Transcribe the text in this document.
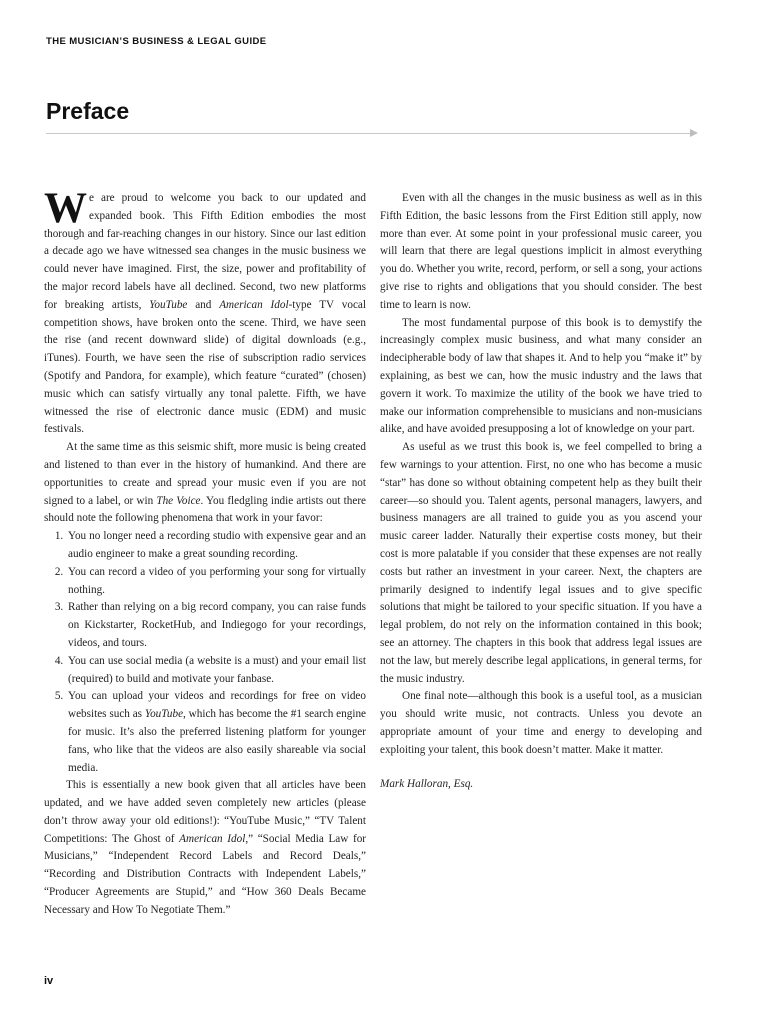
THE MUSICIAN’S BUSINESS & LEGAL GUIDE
Preface

We are proud to welcome you back to our updated and expanded book. This Fifth Edition embodies the most thorough and far-reaching changes in our history. Since our last edition a decade ago we have witnessed sea changes in the music business we could never have imagined. First, the size, power and profitability of the major record labels have all declined. Second, two new platforms for breaking artists, YouTube and American Idol-type TV vocal competition shows, have broken onto the scene. Third, we have seen the rise (and recent downward slide) of digital downloads (e.g., iTunes). Fourth, we have seen the rise of subscription radio services (Spotify and Pandora, for example), which feature “curated” (chosen) music which can satisfy virtually any tonal palette. Fifth, we have witnessed the rise of electronic dance music (EDM) and music festivals.

At the same time as this seismic shift, more music is being created and listened to than ever in the history of humankind. And there are opportunities to create and spread your music even if you are not signed to a label, or win The Voice. You fledgling indie artists out there should note the following phenomena that work in your favor:

1. You no longer need a recording studio with expensive gear and an audio engineer to make a great sounding recording.
2. You can record a video of you performing your song for virtually nothing.
3. Rather than relying on a big record company, you can raise funds on Kickstarter, RocketHub, and Indiegogo for your recordings, videos, and tours.
4. You can use social media (a website is a must) and your email list (required) to build and motivate your fanbase.
5. You can upload your videos and recordings for free on video websites such as YouTube, which has become the #1 search engine for music. It’s also the preferred listening platform for younger fans, who like that the videos are also easily shareable via social media.

This is essentially a new book given that all articles have been updated, and we have added seven completely new articles (please don’t throw away your old editions!): “YouTube Music,” “TV Talent Competitions: The Ghost of American Idol,” “Social Media Law for Musicians,” “Independent Record Labels and Record Deals,” “Recording and Distribution Contracts with Independent Labels,” “Producer Agreements are Stupid,” and “How 360 Deals Became Necessary and How To Negotiate Them.”

Even with all the changes in the music business as well as in this Fifth Edition, the basic lessons from the First Edition still apply, now more than ever. At some point in your professional music career, you will learn that there are legal questions implicit in almost everything you do. Whether you write, record, perform, or sell a song, your actions give rise to rights and obligations that you should consider. The best time to learn is now.

The most fundamental purpose of this book is to demystify the increasingly complex music business, and what many consider an indecipherable body of law that shapes it. And to help you “make it” by explaining, as best we can, how the music industry and the laws that govern it work. To maximize the utility of the book we have tried to make our information comprehensible to musicians and non-musicians alike, and have avoided presupposing a lot of knowledge on your part.

As useful as we trust this book is, we feel compelled to bring a few warnings to your attention. First, no one who has become a music “star” has done so without obtaining competent help as they built their career—so should you. Talent agents, personal managers, lawyers, and business managers are all trained to guide you as you ascend your music career ladder. Naturally their expertise costs money, but their cost is more palatable if you consider that these expenses are not really costs but rather an investment in your career. Next, the chapters are primarily designed to indentify legal issues and to give specific solutions that might be tailored to your specific situation. If you have a legal problem, do not rely on the information contained in this book; see an attorney. The chapters in this book that address legal issues are not the law, but merely describe legal applications, in general terms, for the music industry.

One final note—although this book is a useful tool, as a musician you should write music, not contracts. Unless you devote an appropriate amount of your time and energy to developing and exploiting your talent, this book doesn’t matter. Make it matter.

Mark Halloran, Esq.

iv
